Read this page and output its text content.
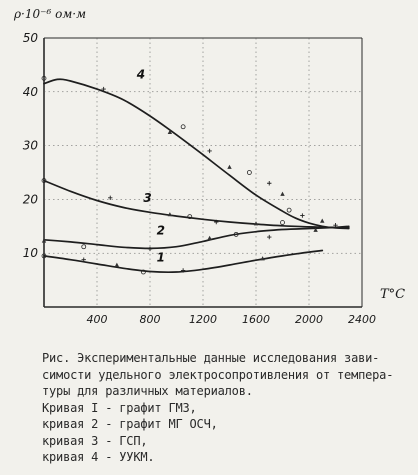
ρ·10⁻⁶ ом·м
T°C
400	800	1200 1600 2000 2400
10
20
30
40
50
1
2
3
4
Рис. Экспериментальные данные исследования зави-
симости удельного электросопротивления от темпера-
туры для различных материалов.
Кривая I - графит ГМЗ,
кривая 2 - графит МГ ОСЧ,
кривая 3 - ГСП,
кривая 4 - УУКМ.
